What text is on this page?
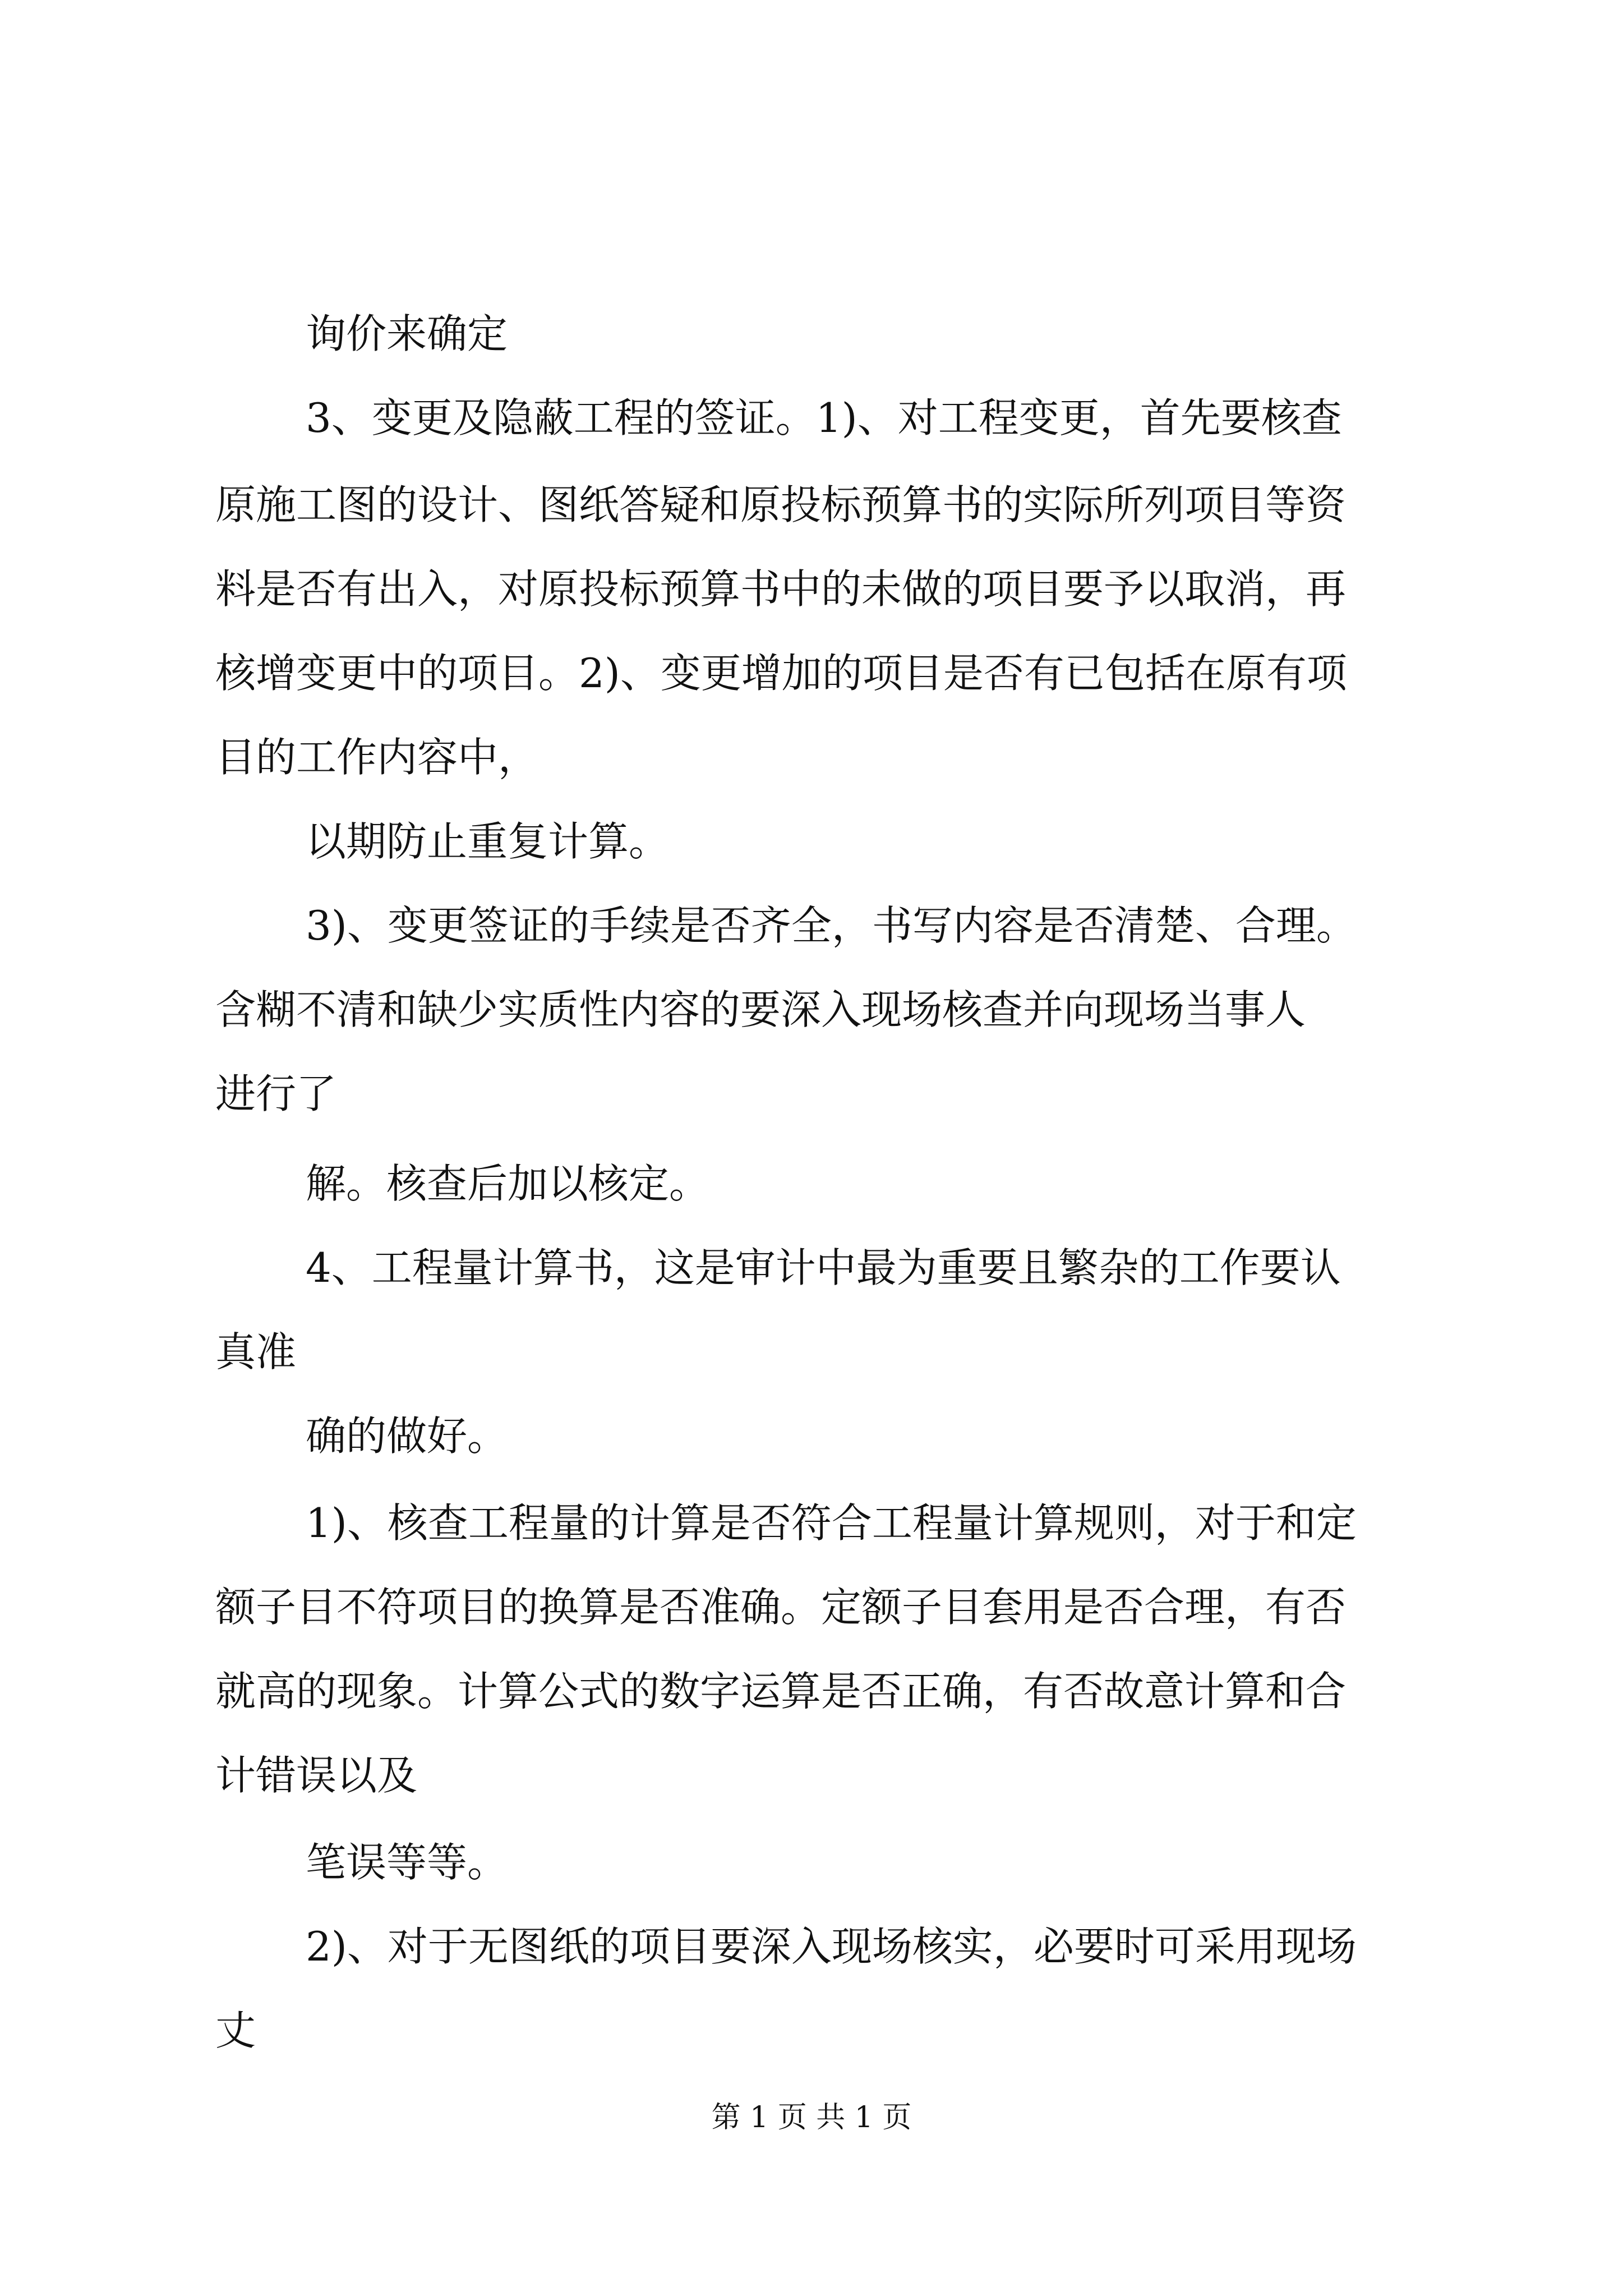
询价来确定

3、变更及隐蔽工程的签证。1)、对工程变更，首先要核查

原施工图的设计、图纸答疑和原投标预算书的实际所列项目等资

料是否有出入，对原投标预算书中的未做的项目要予以取消，再

核增变更中的项目。2)、变更增加的项目是否有已包括在原有项

目的工作内容中，

以期防止重复计算。

3)、变更签证的手续是否齐全，书写内容是否清楚、合理。

含糊不清和缺少实质性内容的要深入现场核查并向现场当事人

进行了

解。核查后加以核定。

4、工程量计算书，这是审计中最为重要且繁杂的工作要认

真准

确的做好。

1)、核查工程量的计算是否符合工程量计算规则，对于和定

额子目不符项目的换算是否准确。定额子目套用是否合理，有否

就高的现象。计算公式的数字运算是否正确，有否故意计算和合

计错误以及

笔误等等。

2)、对于无图纸的项目要深入现场核实，必要时可采用现场

丈

第 1 页 共 1 页
